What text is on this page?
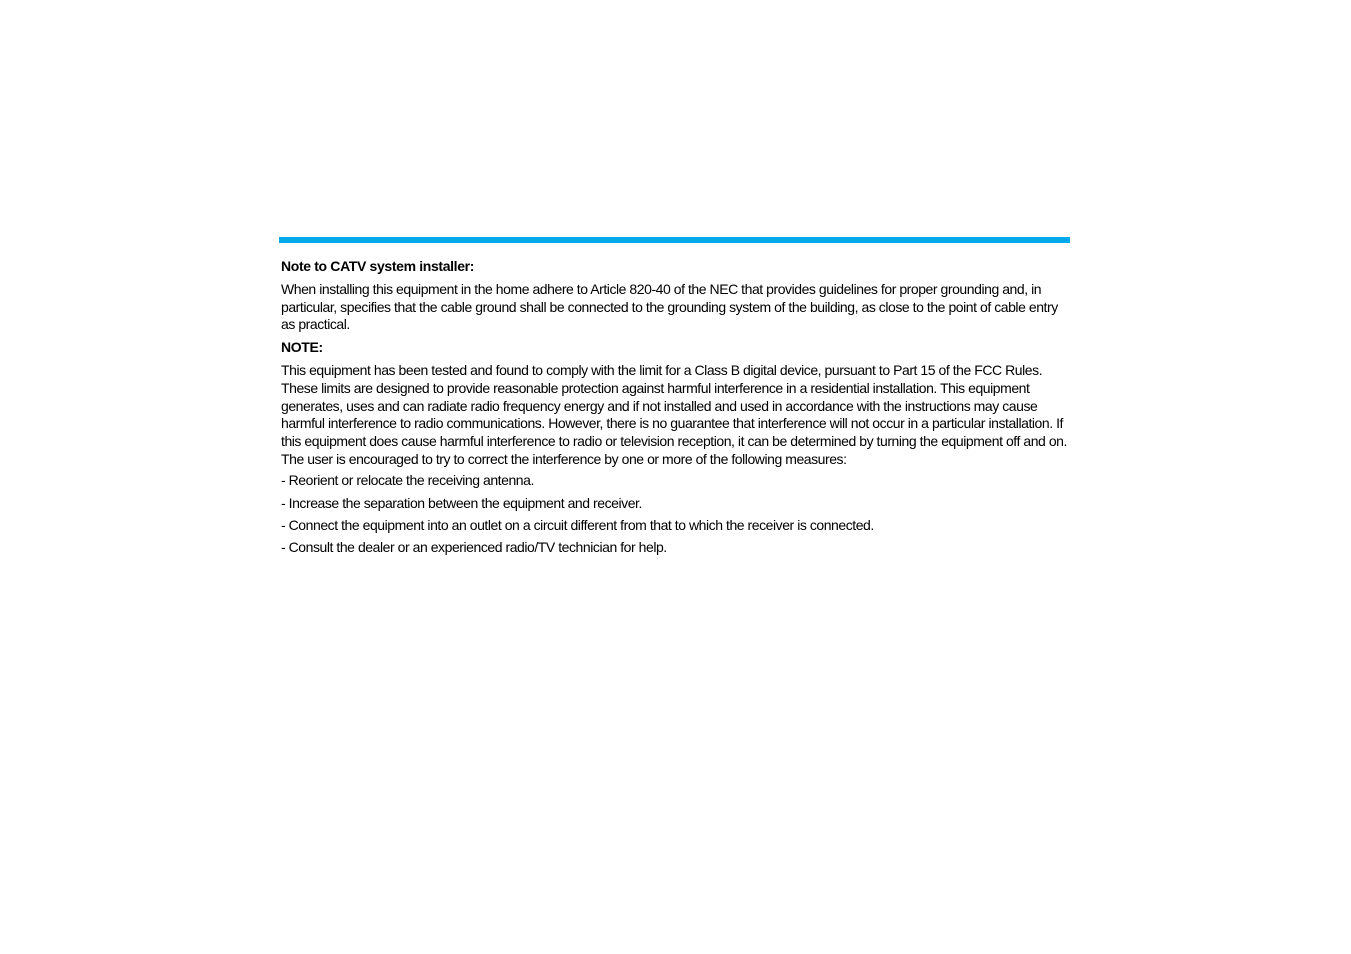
Note to CATV system installer:

When installing this equipment in the home adhere to Article 820-40 of the NEC that provides guidelines for proper grounding and, in particular, specifies that the cable ground shall be connected to the grounding system of the building, as close to the point of cable entry as practical.

NOTE:

This equipment has been tested and found to comply with the limit for a Class B digital device, pursuant to Part 15 of the FCC Rules. These limits are designed to provide reasonable protection against harmful interference in a residential installation. This equipment generates, uses and can radiate radio frequency energy and if not installed and used in accordance with the instructions may cause harmful interference to radio communications. However, there is no guarantee that interference will not occur in a particular installation. If this equipment does cause harmful interference to radio or television reception, it can be determined by turning the equipment off and on. The user is encouraged to try to correct the interference by one or more of the following measures:

- Reorient or relocate the receiving antenna.

- Increase the separation between the equipment and receiver.

- Connect the equipment into an outlet on a circuit different from that to which the receiver is connected.

- Consult the dealer or an experienced radio/TV technician for help.
